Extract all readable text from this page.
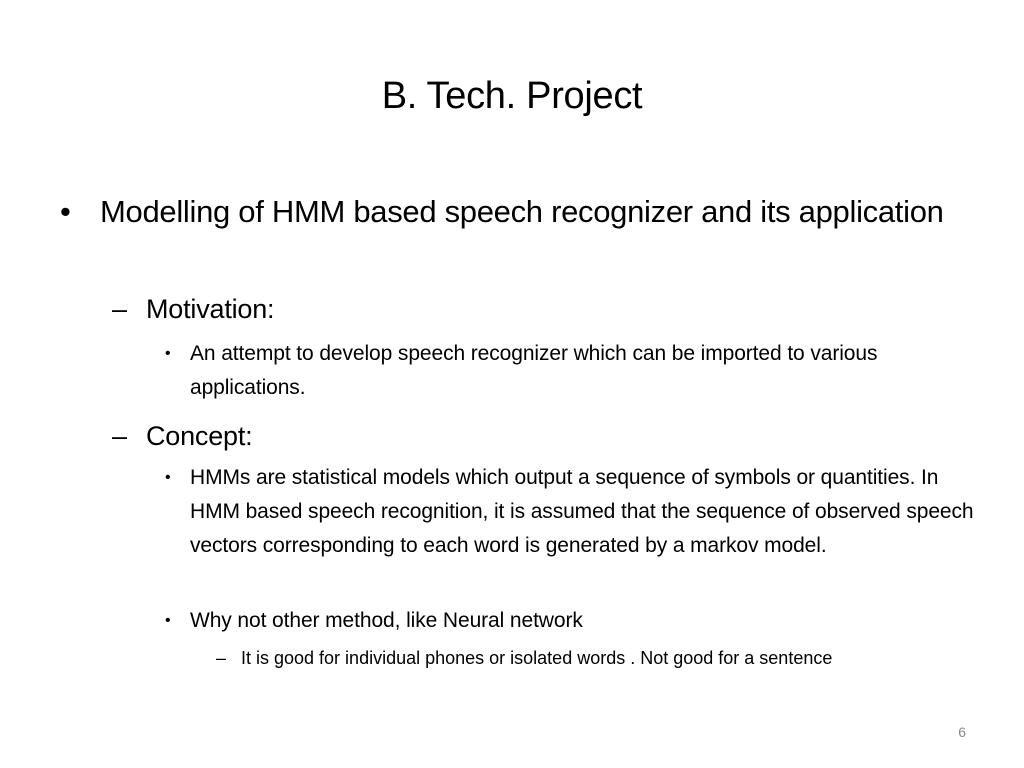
B. Tech. Project
• Modelling of HMM based speech recognizer and its application
– Motivation:
• An attempt to develop speech recognizer which can be imported to various applications.
– Concept:
• HMMs are statistical models which output a sequence of symbols or quantities. In HMM based speech recognition, it is assumed that the sequence of observed speech vectors corresponding to each word is generated by a markov model.
• Why not other method, like Neural network
– It is good for individual phones or isolated words . Not good for a sentence
6
